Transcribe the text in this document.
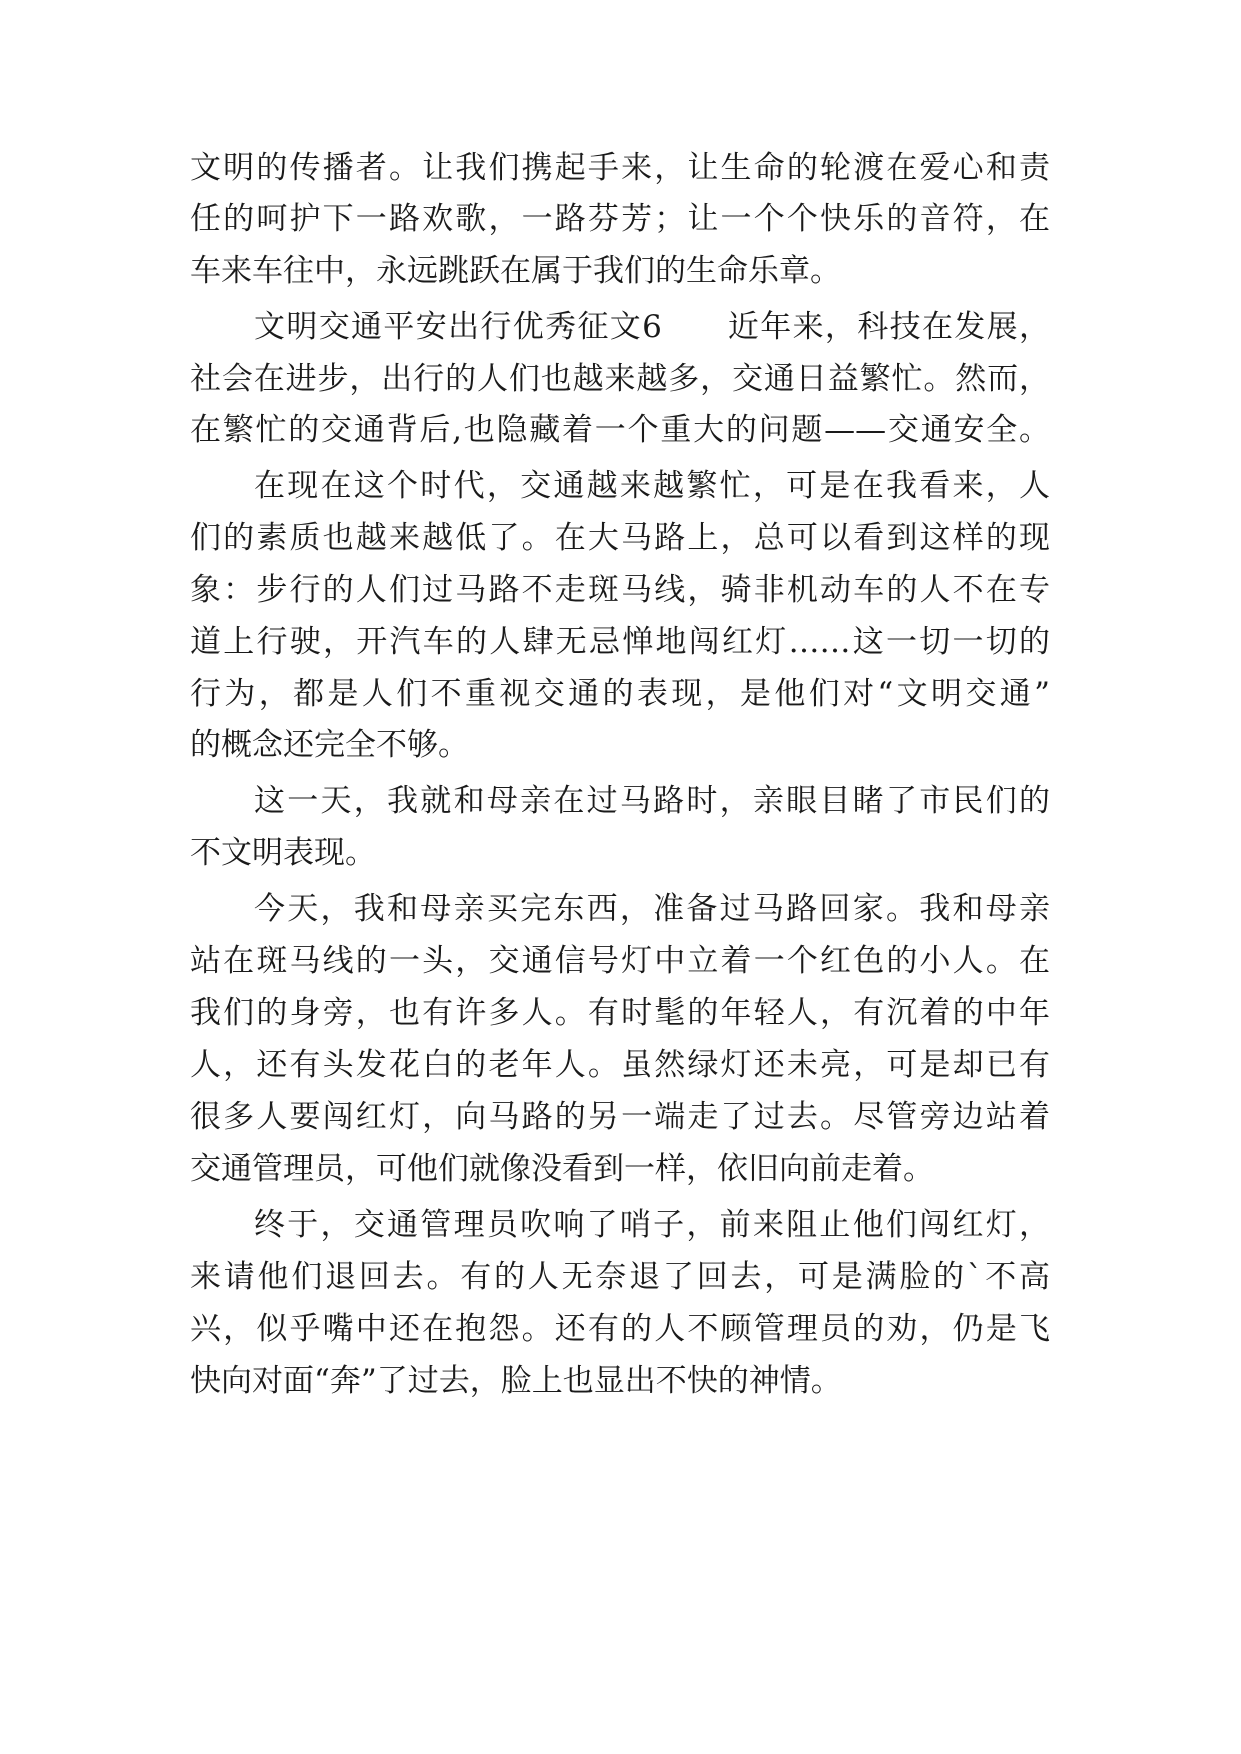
文明的传播者。让我们携起手来，让生命的轮渡在爱心和责
任的呵护下一路欢歌，一路芬芳；让一个个快乐的音符，在
车来车往中，永远跳跃在属于我们的生命乐章。
文明交通平安出行优秀征文6　　近年来，科技在发展，
社会在进步，出行的人们也越来越多，交通日益繁忙。然而，
在繁忙的交通背后,也隐藏着一个重大的问题——交通安全。
在现在这个时代，交通越来越繁忙，可是在我看来，人
们的素质也越来越低了。在大马路上，总可以看到这样的现
象：步行的人们过马路不走斑马线，骑非机动车的人不在专
道上行驶，开汽车的人肆无忌惮地闯红灯……这一切一切的
行为，都是人们不重视交通的表现，是他们对“文明交通”
的概念还完全不够。
这一天，我就和母亲在过马路时，亲眼目睹了市民们的
不文明表现。
今天，我和母亲买完东西，准备过马路回家。我和母亲
站在斑马线的一头，交通信号灯中立着一个红色的小人。在
我们的身旁，也有许多人。有时髦的年轻人，有沉着的中年
人，还有头发花白的老年人。虽然绿灯还未亮，可是却已有
很多人要闯红灯，向马路的另一端走了过去。尽管旁边站着
交通管理员，可他们就像没看到一样，依旧向前走着。
终于，交通管理员吹响了哨子，前来阻止他们闯红灯，
来请他们退回去。有的人无奈退了回去，可是满脸的`不高
兴，似乎嘴中还在抱怨。还有的人不顾管理员的劝，仍是飞
快向对面“奔”了过去，脸上也显出不快的神情。
